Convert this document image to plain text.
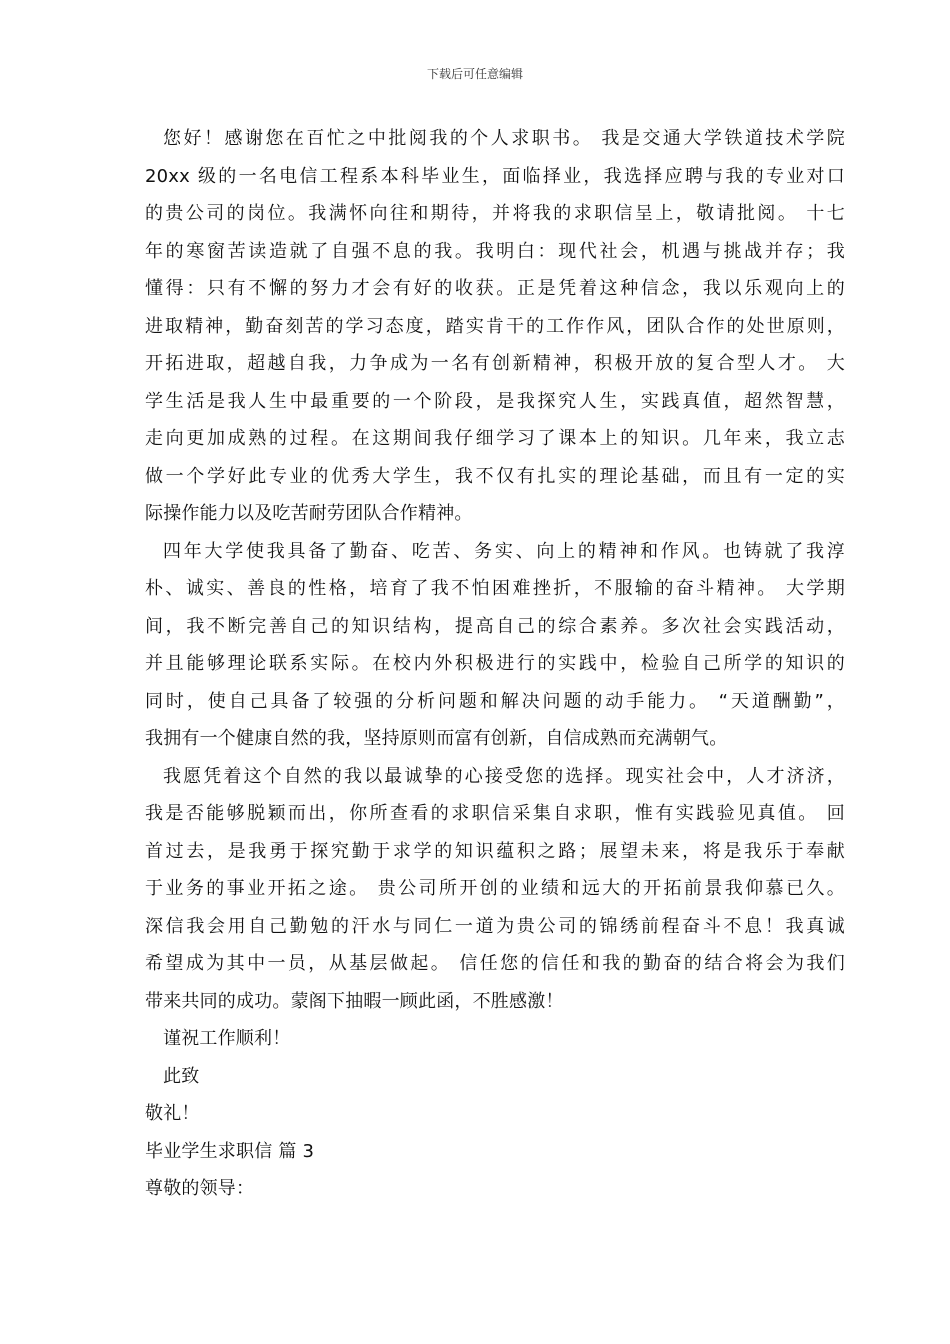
下载后可任意编辑
您好！感谢您在百忙之中批阅我的个人求职书。 我是交通大学铁道技术学院
20xx 级的一名电信工程系本科毕业生，面临择业，我选择应聘与我的专业对口
的贵公司的岗位。我满怀向往和期待，并将我的求职信呈上，敬请批阅。 十七
年的寒窗苦读造就了自强不息的我。我明白：现代社会，机遇与挑战并存；我
懂得：只有不懈的努力才会有好的收获。正是凭着这种信念，我以乐观向上的
进取精神，勤奋刻苦的学习态度，踏实肯干的工作作风，团队合作的处世原则，
开拓进取，超越自我，力争成为一名有创新精神，积极开放的复合型人才。 大
学生活是我人生中最重要的一个阶段，是我探究人生，实践真值，超然智慧，
走向更加成熟的过程。在这期间我仔细学习了课本上的知识。几年来，我立志
做一个学好此专业的优秀大学生，我不仅有扎实的理论基础，而且有一定的实
际操作能力以及吃苦耐劳团队合作精神。
四年大学使我具备了勤奋、吃苦、务实、向上的精神和作风。也铸就了我淳
朴、诚实、善良的性格，培育了我不怕困难挫折，不服输的奋斗精神。 大学期
间，我不断完善自己的知识结构，提高自己的综合素养。多次社会实践活动，
并且能够理论联系实际。在校内外积极进行的实践中，检验自己所学的知识的
同时，使自己具备了较强的分析问题和解决问题的动手能力。 “天道酬勤”，
我拥有一个健康自然的我，坚持原则而富有创新，自信成熟而充满朝气。
我愿凭着这个自然的我以最诚挚的心接受您的选择。现实社会中，人才济济，
我是否能够脱颖而出，你所查看的求职信采集自求职，惟有实践验见真值。 回
首过去，是我勇于探究勤于求学的知识蕴积之路；展望未来，将是我乐于奉献
于业务的事业开拓之途。 贵公司所开创的业绩和远大的开拓前景我仰慕已久。
深信我会用自己勤勉的汗水与同仁一道为贵公司的锦绣前程奋斗不息！我真诚
希望成为其中一员，从基层做起。 信任您的信任和我的勤奋的结合将会为我们
带来共同的成功。蒙阁下抽暇一顾此函，不胜感激！
谨祝工作顺利！
此致
敬礼！
毕业学生求职信 篇 3
尊敬的领导：
